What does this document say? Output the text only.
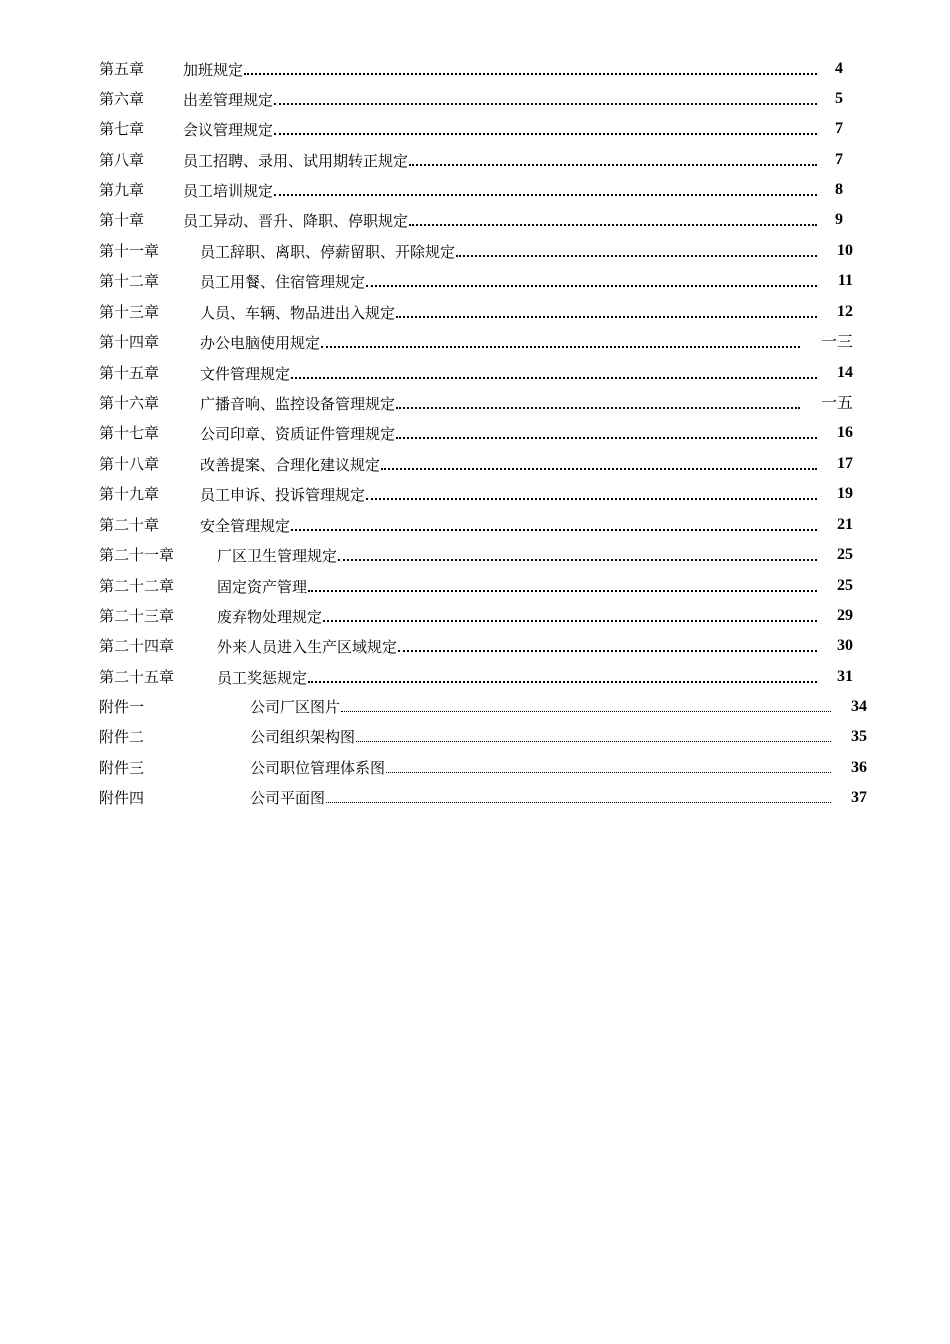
第五章	加班规定	4
第六章	出差管理规定	5
第七章	会议管理规定	7
第八章	员工招聘、录用、试用期转正规定	7
第九章	员工培训规定	8
第十章	员工异动、晋升、降职、停职规定	9
第十一章	员工辞职、离职、停薪留职、开除规定	10
第十二章	员工用餐、住宿管理规定	11
第十三章	人员、车辆、物品进出入规定	12
第十四章	办公电脑使用规定	一三
第十五章	文件管理规定	14
第十六章	广播音响、监控设备管理规定	一五
第十七章	公司印章、资质证件管理规定	16
第十八章	改善提案、合理化建议规定	17
第十九章	员工申诉、投诉管理规定	19
第二十章	安全管理规定	21
第二十一章	厂区卫生管理规定	25
第二十二章	固定资产管理	25
第二十三章	废弃物处理规定	29
第二十四章	外来人员进入生产区域规定	30
第二十五章	员工奖惩规定	31
附件一	公司厂区图片	34
附件二	公司组织架构图	35
附件三	公司职位管理体系图	36
附件四	公司平面图	37
